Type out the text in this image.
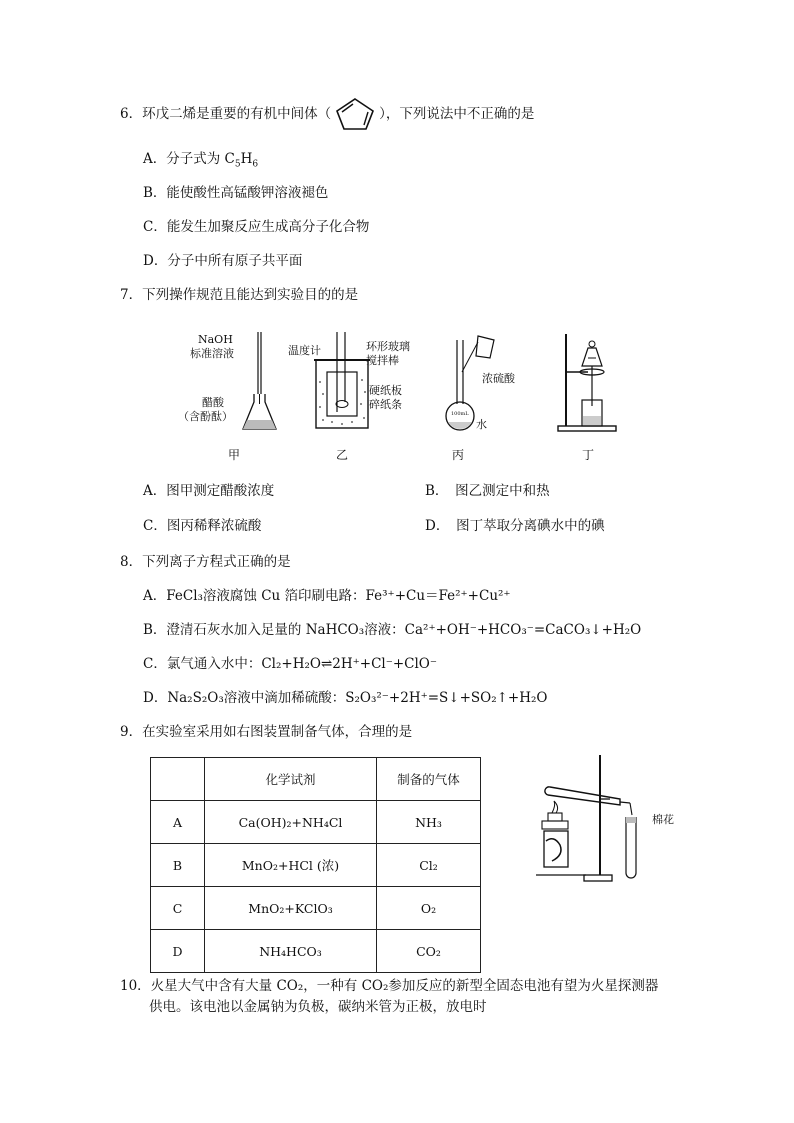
6．环戊二烯是重要的有机中间体（	），下列说法中不正确的是
A．分子式为 $C_5H_6$
B．能使酸性高锰酸钾溶液褪色
C．能发生加聚反应生成高分子化合物
D．分子中所有原子共平面
7．下列操作规范且能达到实验目的的是
NaOH
标准溶液
醋酸
（含酚酞）
温度计	环形玻璃
搅拌棒
硬纸板
碎纸条
100mL
浓硫酸
水
甲	乙	丙	丁
A．图甲测定醋酸浓度	B．　图乙测定中和热
C．图丙稀释浓硫酸	D．　图丁萃取分离碘水中的碘
8．下列离子方程式正确的是
A．FeCl₃溶液腐蚀 Cu 箔印刷电路：Fe³⁺+Cu＝Fe²⁺+Cu²⁺
B．澄清石灰水加入足量的 NaHCO₃溶液：Ca²⁺+OH⁻+HCO₃⁻=CaCO₃↓+H₂O
C．氯气通入水中：Cl₂+H₂O⇌2H⁺+Cl⁻+ClO⁻
D．Na₂S₂O₃溶液中滴加稀硫酸：S₂O₃²⁻+2H⁺=S↓+SO₂↑+H₂O
9．在实验室采用如右图装置制备气体，合理的是
	化学试剂	制备的气体
A	Ca(OH)₂+NH₄Cl	NH₃
B	MnO₂+HCl (浓)	Cl₂
C	MnO₂+KClO₃	O₂
D	NH₄HCO₃	CO₂
棉花
10．火星大气中含有大量 CO₂，一种有 CO₂参加反应的新型全固态电池有望为火星探测器
供电。该电池以金属钠为负极，碳纳米管为正极，放电时
